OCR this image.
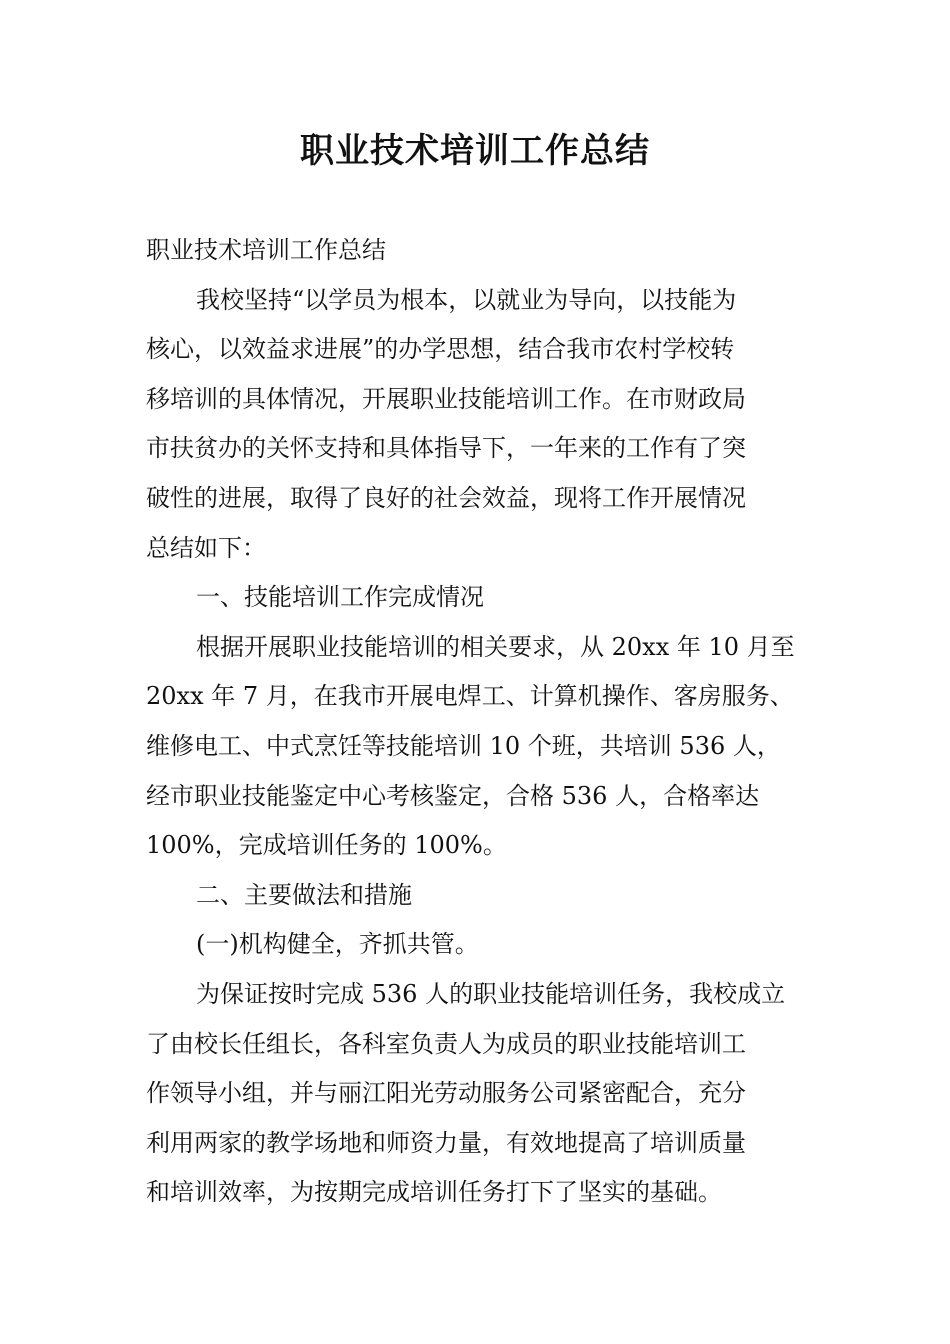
职业技术培训工作总结
职业技术培训工作总结
我校坚持“以学员为根本，以就业为导向，以技能为
核心，以效益求进展”的办学思想，结合我市农村学校转
移培训的具体情况，开展职业技能培训工作。在市财政局
市扶贫办的关怀支持和具体指导下，一年来的工作有了突
破性的进展，取得了良好的社会效益，现将工作开展情况
总结如下：
一、技能培训工作完成情况
根据开展职业技能培训的相关要求，从 20xx 年 10 月至
20xx 年 7 月，在我市开展电焊工、计算机操作、客房服务、
维修电工、中式烹饪等技能培训 10 个班，共培训 536 人，
经市职业技能鉴定中心考核鉴定，合格 536 人，合格率达
100%，完成培训任务的 100%。
二、主要做法和措施
(一)机构健全，齐抓共管。
为保证按时完成 536 人的职业技能培训任务，我校成立
了由校长任组长，各科室负责人为成员的职业技能培训工
作领导小组，并与丽江阳光劳动服务公司紧密配合，充分
利用两家的教学场地和师资力量，有效地提高了培训质量
和培训效率，为按期完成培训任务打下了坚实的基础。
